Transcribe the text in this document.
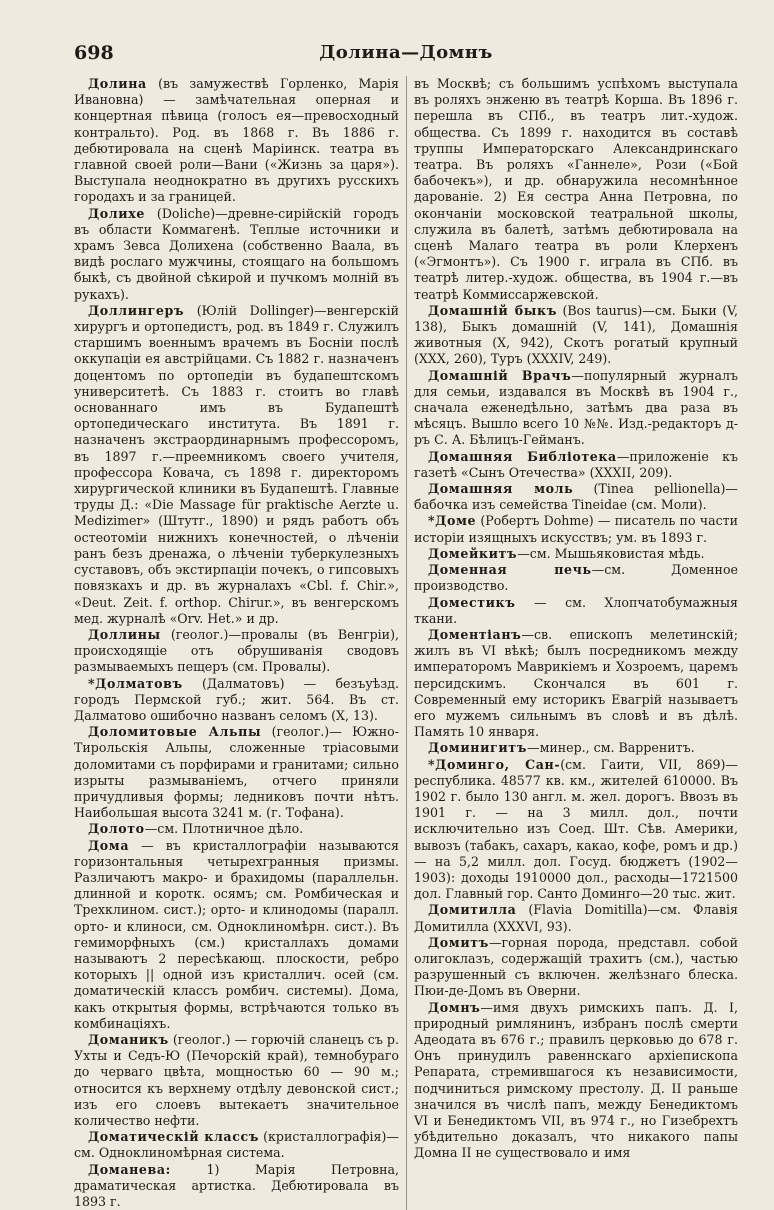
698	Долина—Домнъ

Долина (въ замужествѣ Горленко, Марія Ивановна) — замѣчательная оперная и концертная пѣвица (голосъ ея—превосходный контральто). Род. въ 1868 г. Въ 1886 г. дебютировала на сценѣ Маріинск. театра въ главной своей роли—Вани («Жизнь за царя»). Выступала неоднократно въ другихъ русскихъ городахъ и за границей.

Долихе (Doliche)—древне-сирійскій городъ въ области Коммагенѣ. Теплые источники и храмъ Зевса Долихена (собственно Ваала, въ видѣ рослаго мужчины, стоящаго на большомъ быкѣ, съ двойной сѣкирой и пучкомъ молній въ рукахъ).

Доллингеръ (Юлій Dollinger)—венгерскій хирургъ и ортопедистъ, род. въ 1849 г. Служилъ старшимъ военнымъ врачемъ въ Босніи послѣ оккупаціи ея австрійцами. Съ 1882 г. назначенъ доцентомъ по ортопедіи въ будапештскомъ университетѣ. Съ 1883 г. стоитъ во главѣ основаннаго имъ въ Будапештѣ ортопедическаго института. Въ 1891 г. назначенъ экстраординарнымъ профессоромъ, въ 1897 г.—преемникомъ своего учителя, профессора Ковача, съ 1898 г. директоромъ хирургической клиники въ Будапештѣ. Главные труды Д.: «Die Massage für praktische Aerzte u. Medizimer» (Штутг., 1890) и рядъ работъ объ остеотоміи нижнихъ конечностей, о лѣченіи ранъ безъ дренажа, о лѣченіи туберкулезныхъ суставовъ, объ экстирпаціи почекъ, о гипсовыхъ повязкахъ и др. въ журналахъ «Cbl. f. Chir.», «Deut. Zeit. f. orthop. Chirur.», въ венгерскомъ мед. журналѣ «Orv. Het.» и др.

Доллины (геолог.)—провалы (въ Венгріи), происходящіе отъ обрушиванія сводовъ размываемыхъ пещеръ (см. Провалы).

*Долматовъ (Далматовъ) — безъуѣзд. городъ Пермской губ.; жит. 564. Въ ст. Далматово ошибочно названъ селомъ (X, 13).

Доломитовые Альпы (геолог.)— Южно-Тирольскія Альпы, сложенные тріасовыми доломитами съ порфирами и гранитами; сильно изрыты размываніемъ, отчего приняли причудливыя формы; ледниковъ почти нѣтъ. Наибольшая высота 3241 м. (г. Тофана).

Долото—см. Плотничное дѣло.

Дома — въ кристаллографіи называются горизонтальныя четырехгранныя призмы. Различаютъ макро- и брахидомы (параллельн. длинной и коротк. осямъ; см. Ромбическая и Трехклином. сист.); орто- и клинодомы (паралл. орто- и клиноси, см. Одноклиномѣрн. сист.). Въ гемиморфныхъ (см.) кристаллахъ домами называютъ 2 пересѣкающ. плоскости, ребро которыхъ || одной изъ кристаллич. осей (см. доматическій классъ ромбич. системы). Дома, какъ открытыя формы, встрѣчаются только въ комбинаціяхъ.

Доманикъ (геолог.) — горючій сланецъ съ р. Ухты и Седъ-Ю (Печорскій край), темнобураго до черваго цвѣта, мощностью 60 — 90 м.; относится къ верхнему отдѣлу девонской сист.; изъ его слоевъ вытекаетъ значительное количество нефти.

Доматическій классъ (кристаллографія)—см. Одноклиномѣрная система.

Доманева: 1) Марія Петровна, драматическая артистка. Дебютировала въ 1893 г.

въ Москвѣ; съ большимъ успѣхомъ выступала въ роляхъ энженю въ театрѣ Корша. Въ 1896 г. перешла въ СПб., въ театръ лит.-худож. общества. Съ 1899 г. находится въ составѣ труппы Императорскаго Александринскаго театра. Въ роляхъ «Ганнеле», Рози («Бой бабочекъ»), и др. обнаружила несомнѣнное дарованіе. 2) Ея сестра Анна Петровна, по окончаніи московской театральной школы, служила въ балетѣ, затѣмъ дебютировала на сценѣ Малаго театра въ роли Клерхенъ («Эгмонтъ»). Съ 1900 г. играла въ СПб. въ театрѣ литер.-худож. общества, въ 1904 г.—въ театрѣ Коммиссаржевской.

Домашній быкъ (Bos taurus)—см. Быки (V, 138), Быкъ домашній (V, 141), Домашнія животныя (X, 942), Скотъ рогатый крупный (XXX, 260), Туръ (XXXIV, 249).

Домашній Врачъ—популярный журналъ для семьи, издавался въ Москвѣ въ 1904 г., сначала еженедѣльно, затѣмъ два раза въ мѣсяцъ. Вышло всего 10 №№. Изд.-редакторъ д-ръ С. А. Бѣлицъ-Гейманъ.

Домашняя Библіотека—приложеніе къ газетѣ «Сынъ Отечества» (XXXII, 209).

Домашняя моль (Tinea pellionella)—бабочка изъ семейства Tineidae (см. Моли).

*Доме (Робертъ Dohme) — писатель по части исторіи изящныхъ искусствъ; ум. въ 1893 г.

Домейкитъ—см. Мышьяковистая мѣдь.

Доменная печь—см. Доменное производство.

Доместикъ — см. Хлопчатобумажныя ткани.

Доментіанъ—св. епископъ мелетинскій; жилъ въ VI вѣкѣ; былъ посредникомъ между императоромъ Маврикіемъ и Хозроемъ, царемъ персидскимъ. Скончался въ 601 г. Современный ему историкъ Евагрій называетъ его мужемъ сильнымъ въ словѣ и въ дѣлѣ. Память 10 января.

Доминигитъ—минер., см. Варренитъ.

*Доминго, Сан-(см. Гаити, VII, 869)—республика. 48577 кв. км., жителей 610000. Въ 1902 г. было 130 англ. м. жел. дорогъ. Ввозъ въ 1901 г. — на 3 милл. дол., почти исключительно изъ Соед. Шт. Сѣв. Америки, вывозъ (табакъ, сахаръ, какао, кофе, ромъ и др.) — на 5,2 милл. дол. Госуд. бюджетъ (1902—1903): доходы 1910000 дол., расходы—1721500 дол. Главный гор. Санто Доминго—20 тыс. жит.

Домитилла (Flavia Domitilla)—см. Флавія Домитилла (XXXVI, 93).

Домитъ—горная порода, представл. собой олигоклазъ, содержащій трахитъ (см.), частью разрушенный съ включен. желѣзнаго блеска. Пюи-де-Домъ въ Оверни.

Домнъ—имя двухъ римскихъ папъ. Д. I, природный римлянинъ, избранъ послѣ смерти Адеодата въ 676 г.; правилъ церковью до 678 г. Онъ принудилъ равеннскаго архіепископа Репарата, стремившагося къ независимости, подчиниться римскому престолу. Д. II раньше значился въ числѣ папъ, между Бенедиктомъ VI и Бенедиктомъ VII, въ 974 г., но Гизебрехтъ убѣдительно доказалъ, что никакого папы Домна II не существовало и имя
